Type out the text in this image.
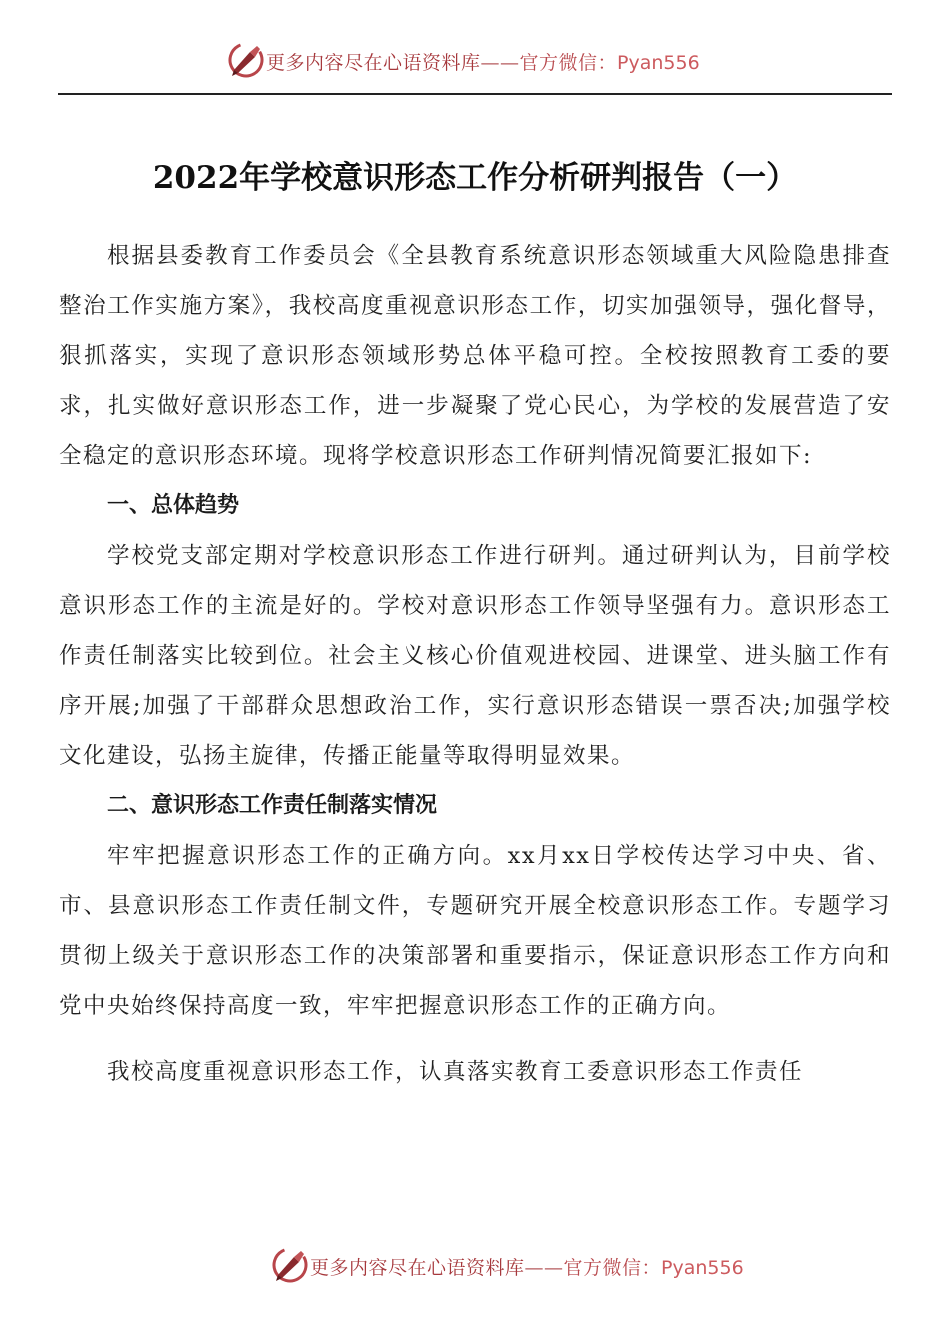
更多内容尽在心语资料库——官方微信：Pyan556
2022年学校意识形态工作分析研判报告（一）

根据县委教育工作委员会《全县教育系统意识形态领域重大风险隐患排查整治工作实施方案》，我校高度重视意识形态工作，切实加强领导，强化督导，狠抓落实，实现了意识形态领域形势总体平稳可控。全校按照教育工委的要求，扎实做好意识形态工作，进一步凝聚了党心民心，为学校的发展营造了安全稳定的意识形态环境。现将学校意识形态工作研判情况简要汇报如下:

一、总体趋势

学校党支部定期对学校意识形态工作进行研判。通过研判认为，目前学校意识形态工作的主流是好的。学校对意识形态工作领导坚强有力。意识形态工作责任制落实比较到位。社会主义核心价值观进校园、进课堂、进头脑工作有序开展;加强了干部群众思想政治工作，实行意识形态错误一票否决;加强学校文化建设，弘扬主旋律，传播正能量等取得明显效果。

二、意识形态工作责任制落实情况

牢牢把握意识形态工作的正确方向。xx月xx日学校传达学习中央、省、市、县意识形态工作责任制文件，专题研究开展全校意识形态工作。专题学习贯彻上级关于意识形态工作的决策部署和重要指示，保证意识形态工作方向和党中央始终保持高度一致，牢牢把握意识形态工作的正确方向。

我校高度重视意识形态工作，认真落实教育工委意识形态工作责任

更多内容尽在心语资料库——官方微信：Pyan556
